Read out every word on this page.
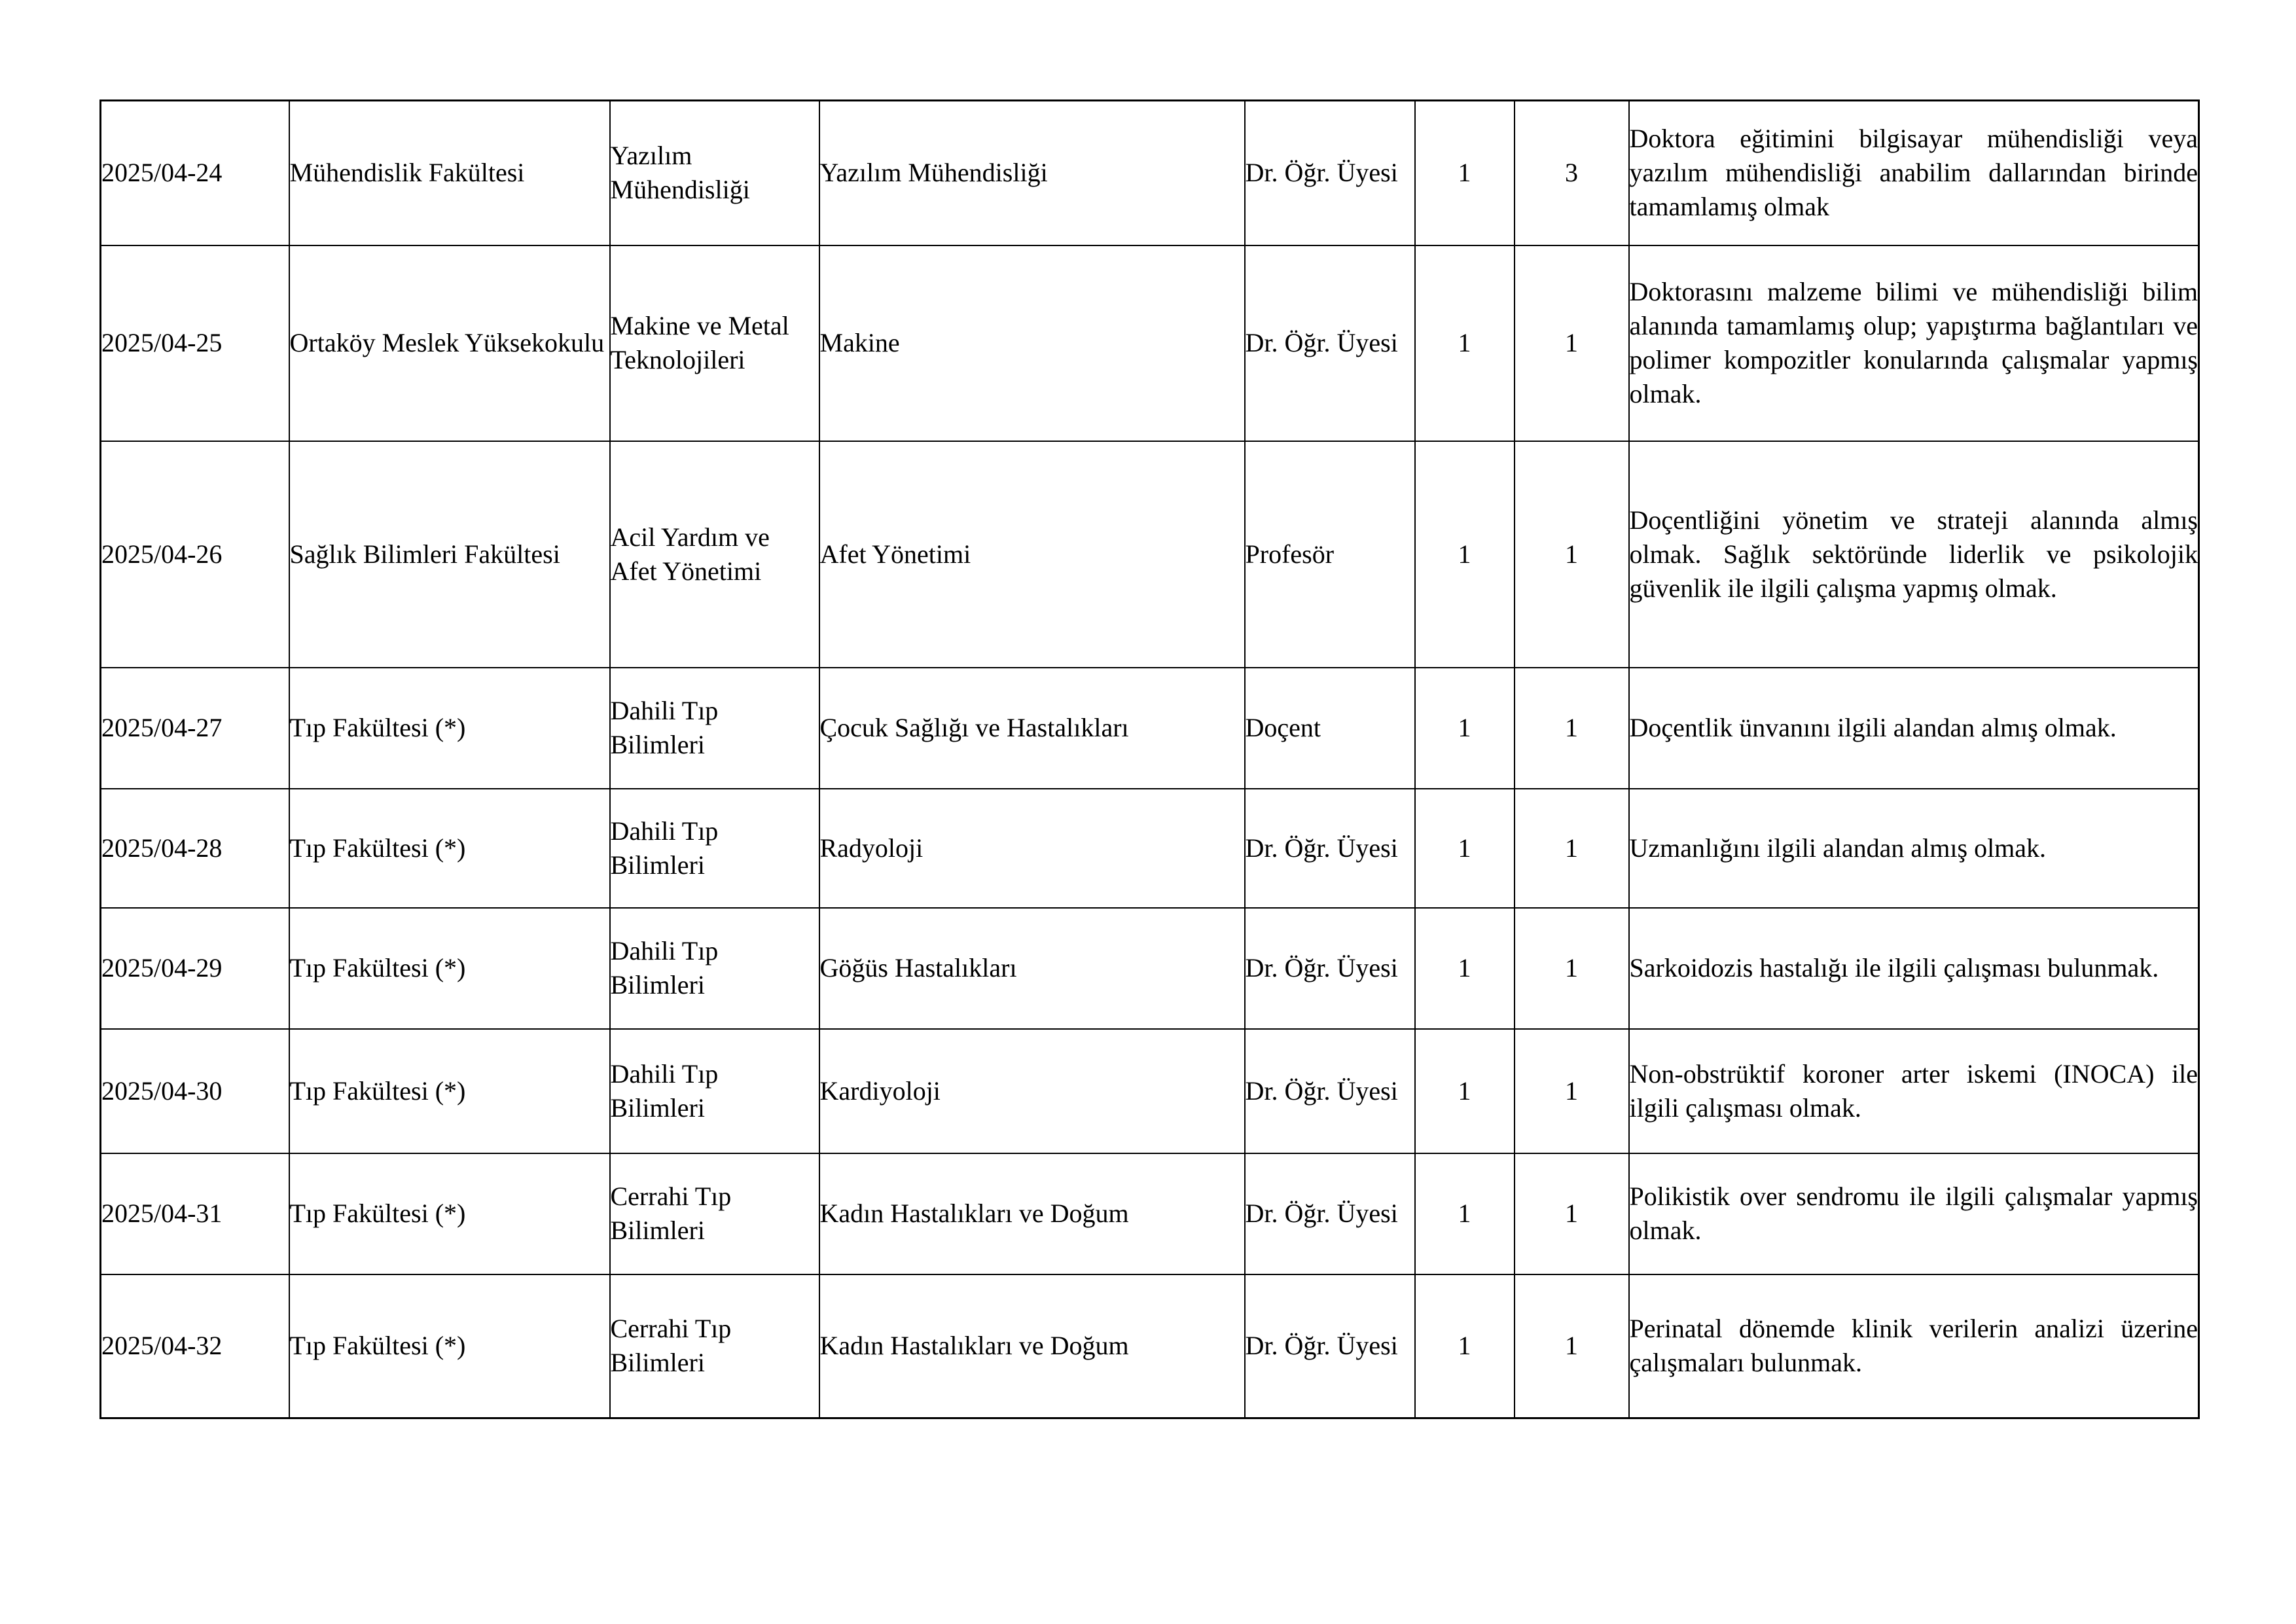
2025/04-24	Mühendislik Fakültesi	Yazılım Mühendisliği	Yazılım Mühendisliği	Dr. Öğr. Üyesi	1	3	Doktora eğitimini bilgisayar mühendisliği veya yazılım mühendisliği anabilim dallarından birinde tamamlamış olmak

2025/04-25	Ortaköy Meslek Yüksekokulu	Makine ve Metal Teknolojileri	Makine	Dr. Öğr. Üyesi	1	1	Doktorasını malzeme bilimi ve mühendisliği bilim alanında tamamlamış olup; yapıştırma bağlantıları ve polimer kompozitler konularında çalışmalar yapmış olmak.

2025/04-26	Sağlık Bilimleri Fakültesi	Acil Yardım ve Afet Yönetimi	Afet Yönetimi	Profesör	1	1	Doçentliğini yönetim ve strateji alanında almış olmak. Sağlık sektöründe liderlik ve psikolojik güvenlik ile ilgili çalışma yapmış olmak.

2025/04-27	Tıp Fakültesi (*)	Dahili Tıp Bilimleri	Çocuk Sağlığı ve Hastalıkları	Doçent	1	1	Doçentlik ünvanını ilgili alandan almış olmak.

2025/04-28	Tıp Fakültesi (*)	Dahili Tıp Bilimleri	Radyoloji	Dr. Öğr. Üyesi	1	1	Uzmanlığını ilgili alandan almış olmak.

2025/04-29	Tıp Fakültesi (*)	Dahili Tıp Bilimleri	Göğüs Hastalıkları	Dr. Öğr. Üyesi	1	1	Sarkoidozis hastalığı ile ilgili çalışması bulunmak.

2025/04-30	Tıp Fakültesi (*)	Dahili Tıp Bilimleri	Kardiyoloji	Dr. Öğr. Üyesi	1	1	Non-obstrüktif koroner arter iskemi (INOCA) ile ilgili çalışması olmak.

2025/04-31	Tıp Fakültesi (*)	Cerrahi Tıp Bilimleri	Kadın Hastalıkları ve Doğum	Dr. Öğr. Üyesi	1	1	Polikistik over sendromu ile ilgili çalışmalar yapmış olmak.

2025/04-32	Tıp Fakültesi (*)	Cerrahi Tıp Bilimleri	Kadın Hastalıkları ve Doğum	Dr. Öğr. Üyesi	1	1	Perinatal dönemde klinik verilerin analizi üzerine çalışmaları bulunmak.
